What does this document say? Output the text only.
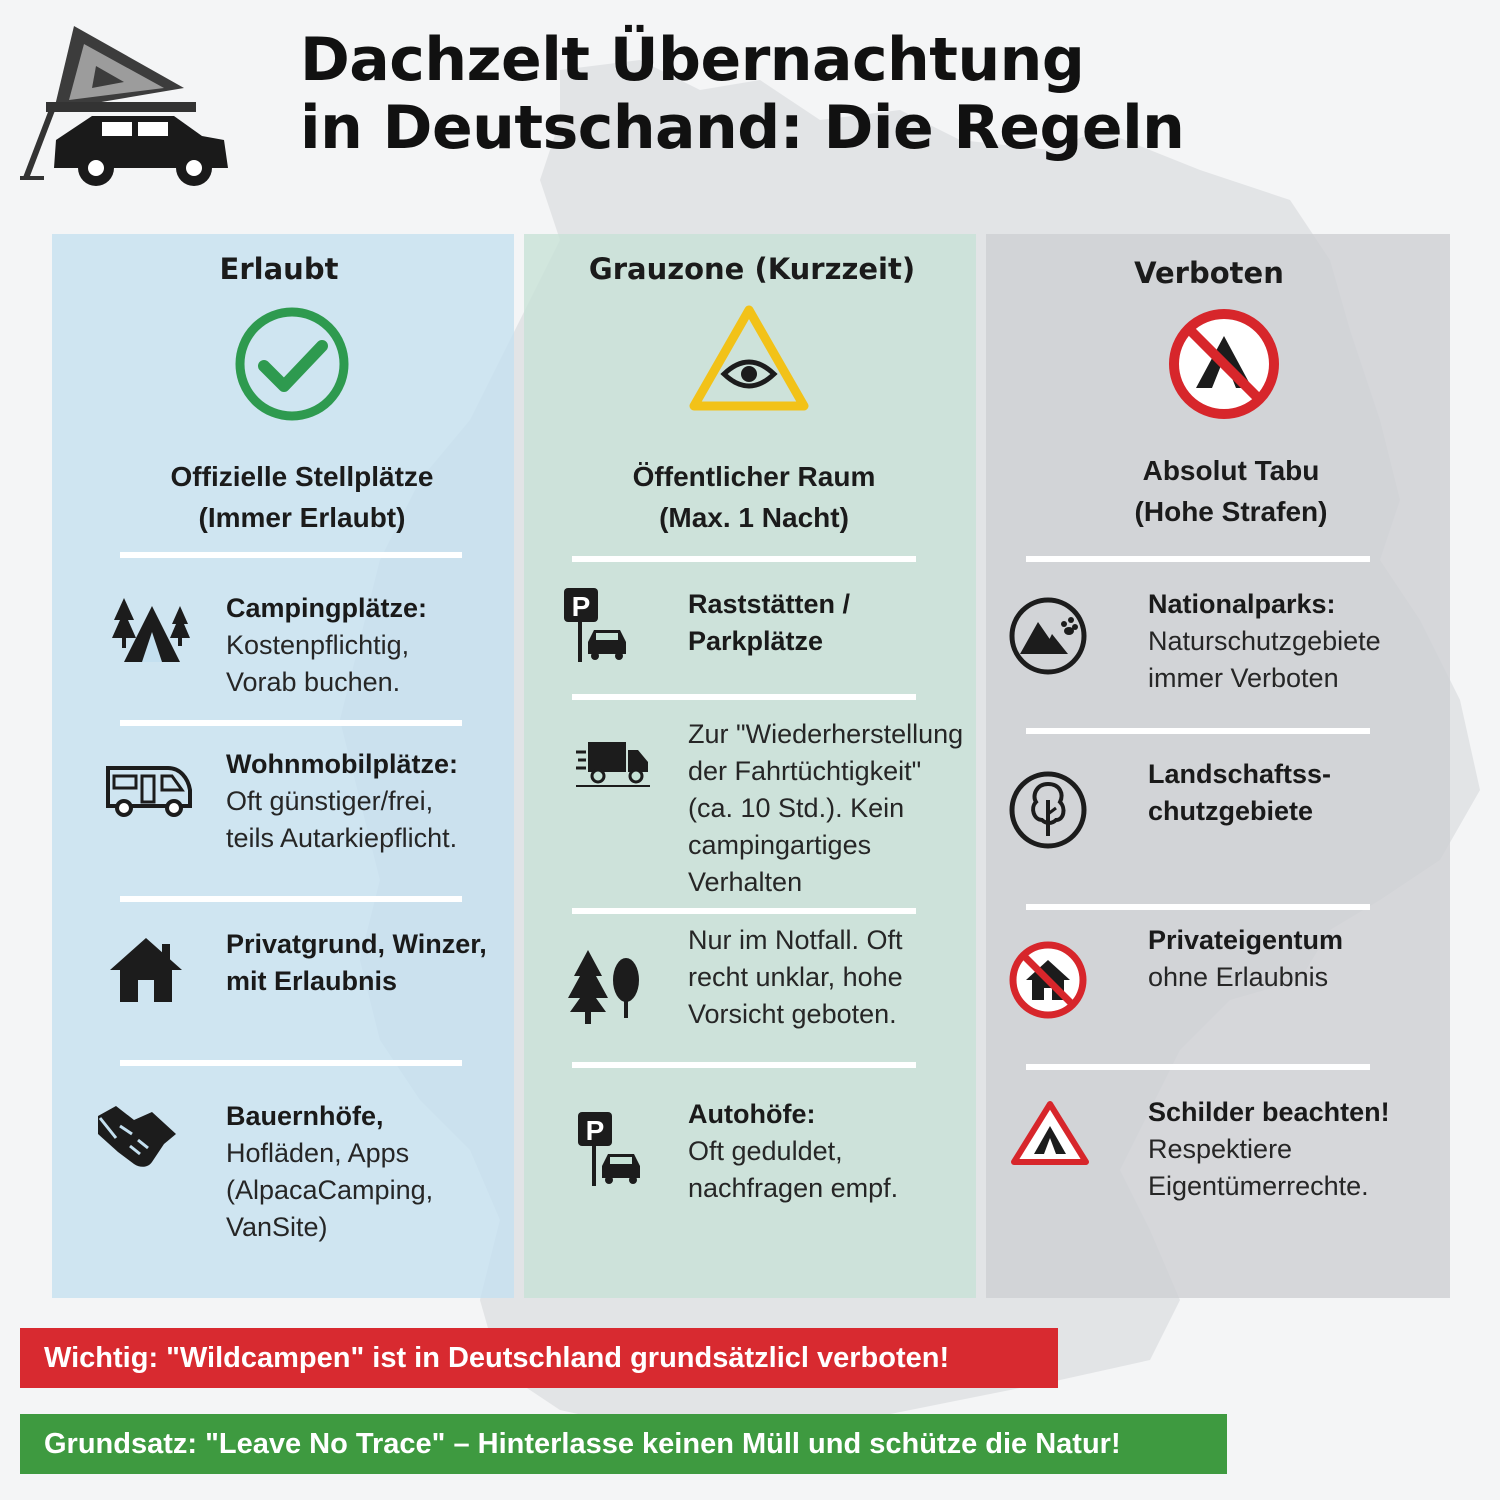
Dachzelt Übernachtung
in Deutschand: Die Regeln
Erlaubt
Offizielle Stellplätze
(Immer Erlaubt)
Campingplätze:
Kostenpflichtig,
Vorab buchen.
Wohnmobilplätze:
Oft günstiger/frei,
teils Autarkiepflicht.
Privatgrund, Winzer,
mit Erlaubnis
Bauernhöfe,
Hofläden, Apps
(AlpacaCamping,
VanSite)
Grauzone (Kurzzeit)
Öffentlicher Raum
(Max. 1 Nacht)
P	Raststätten /
Parkplätze
Zur "Wiederherstellung
der Fahrtüchtigkeit"
(ca. 10 Std.). Kein
campingartiges
Verhalten
Nur im Notfall. Oft
recht unklar, hohe
Vorsicht geboten.
P
Autohöfe:
Oft geduldet,
nachfragen empf.
Verboten
Absolut Tabu
(Hohe Strafen)
Nationalparks:
Naturschutzgebiete
immer Verboten
Landschaftss-
chutzgebiete
Privateigentum
ohne Erlaubnis
Schilder beachten!
Respektiere
Eigentümerrechte.
Wichtig: "Wildcampen" ist in Deutschland grundsätzlicl verboten!
Grundsatz: "Leave No Trace" – Hinterlasse keinen Müll und schütze die Natur!
